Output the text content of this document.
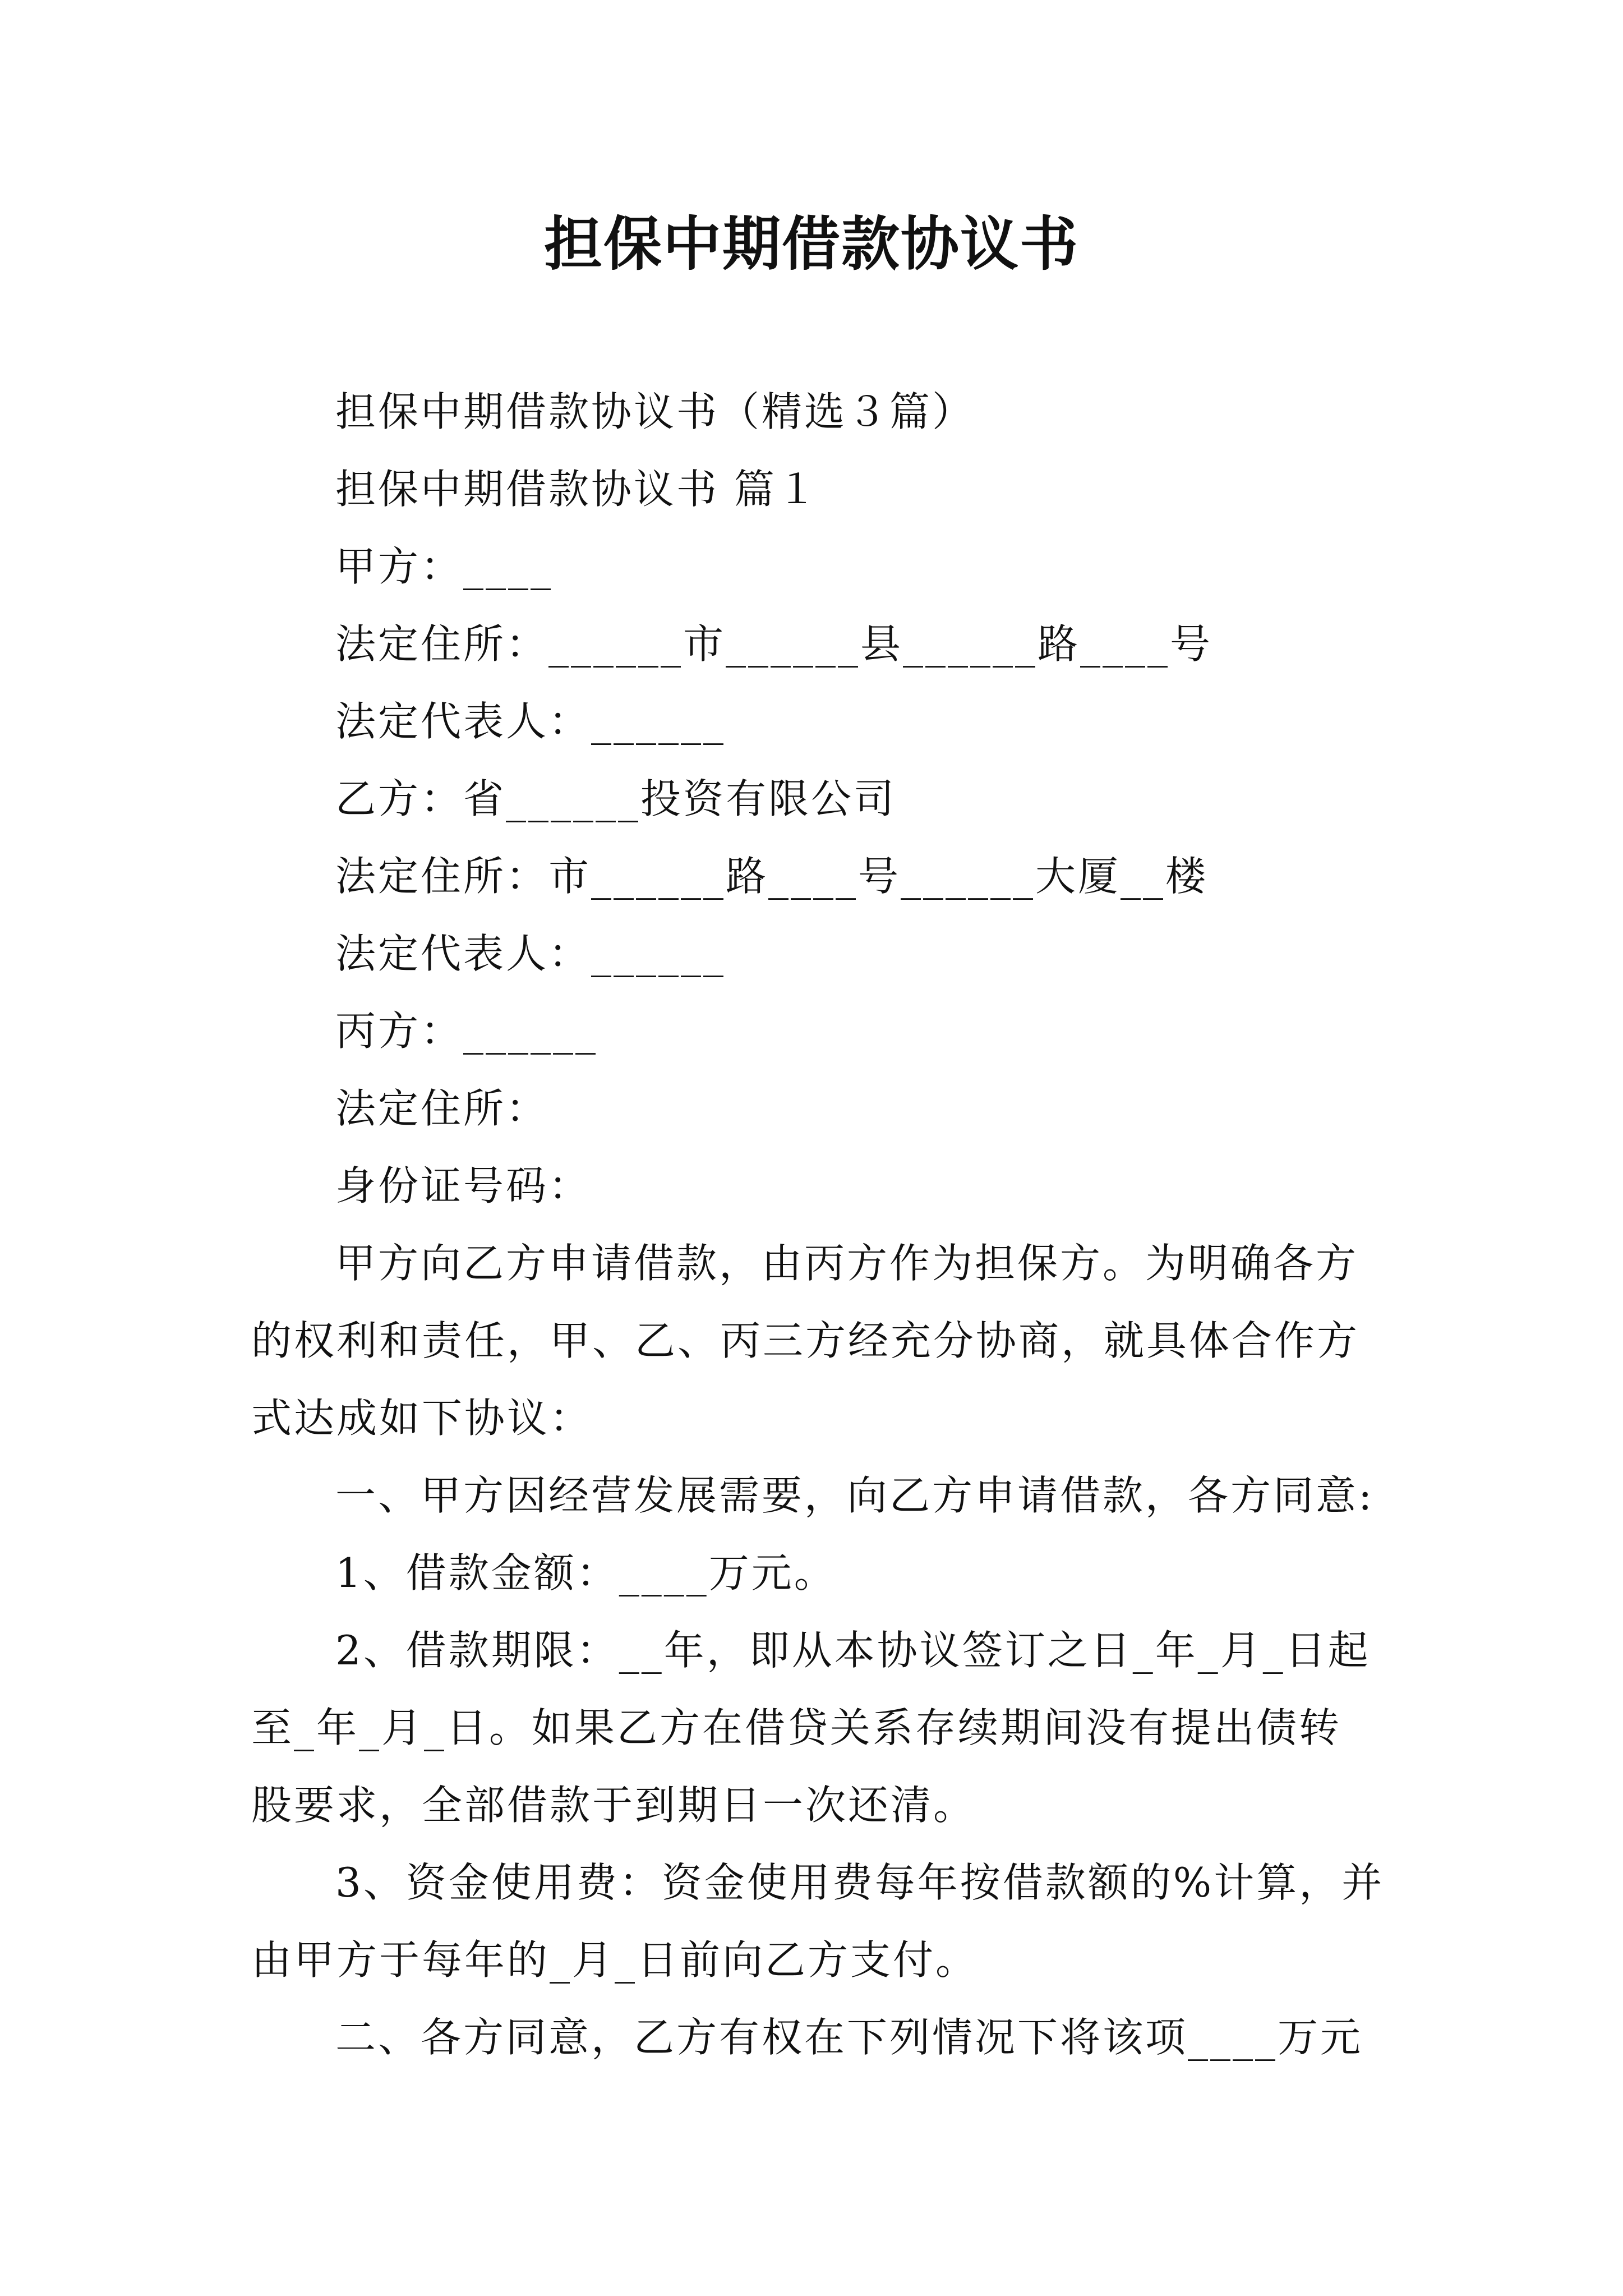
担保中期借款协议书
担保中期借款协议书（精选３篇）
担保中期借款协议书 篇１
甲方：____
法定住所：______市______县______路____号
法定代表人：______
乙方：省______投资有限公司
法定住所：市______路____号______大厦__楼
法定代表人：______
丙方：______
法定住所：
身份证号码：
甲方向乙方申请借款，由丙方作为担保方。为明确各方
的权利和责任，甲、乙、丙三方经充分协商，就具体合作方
式达成如下协议：
一、甲方因经营发展需要，向乙方申请借款，各方同意:
1、借款金额：____万元。
2、借款期限：__年，即从本协议签订之日_年_月_日起
至_年_月_日。如果乙方在借贷关系存续期间没有提出债转
股要求，全部借款于到期日一次还清。
3、资金使用费：资金使用费每年按借款额的%计算，并
由甲方于每年的_月_日前向乙方支付。
二、各方同意，乙方有权在下列情况下将该项____万元
